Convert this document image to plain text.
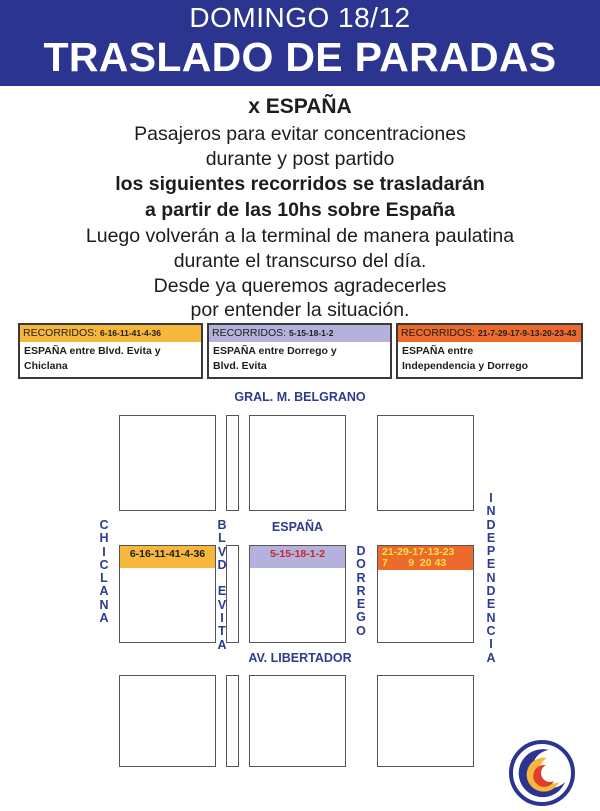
DOMINGO 18/12
TRASLADO DE PARADAS
x ESPAÑA
Pasajeros para evitar concentraciones
durante y post partido
los siguientes recorridos se trasladarán
a partir de las 10hs sobre España
Luego volverán a la terminal de manera paulatina
durante el transcurso del día.
Desde ya queremos agradecerles
por entender la situación.
RECORRIDOS: 6-16-11-41-4-36
ESPAÑA entre Blvd. Evita y
Chiclana
RECORRIDOS: 5-15-18-1-2
ESPAÑA entre Dorrego y
Blvd. Evita
RECORRIDOS: 21-7-29-17-9-13-20-23-43
ESPAÑA entre
Independencia y Dorrego
GRAL. M. BELGRANO
ESPAÑA
6-16-11-41-4-36	5-15-18-1-2	21-29-17-13-23
7       9  20 43
C
H
I
C
L
A
N
A
B
L
V
D
E
V
I
T
A
D
O
R
R
E
G
O
I
N
D
E
P
E
N
D
E
N
C
I
A
AV. LIBERTADOR
